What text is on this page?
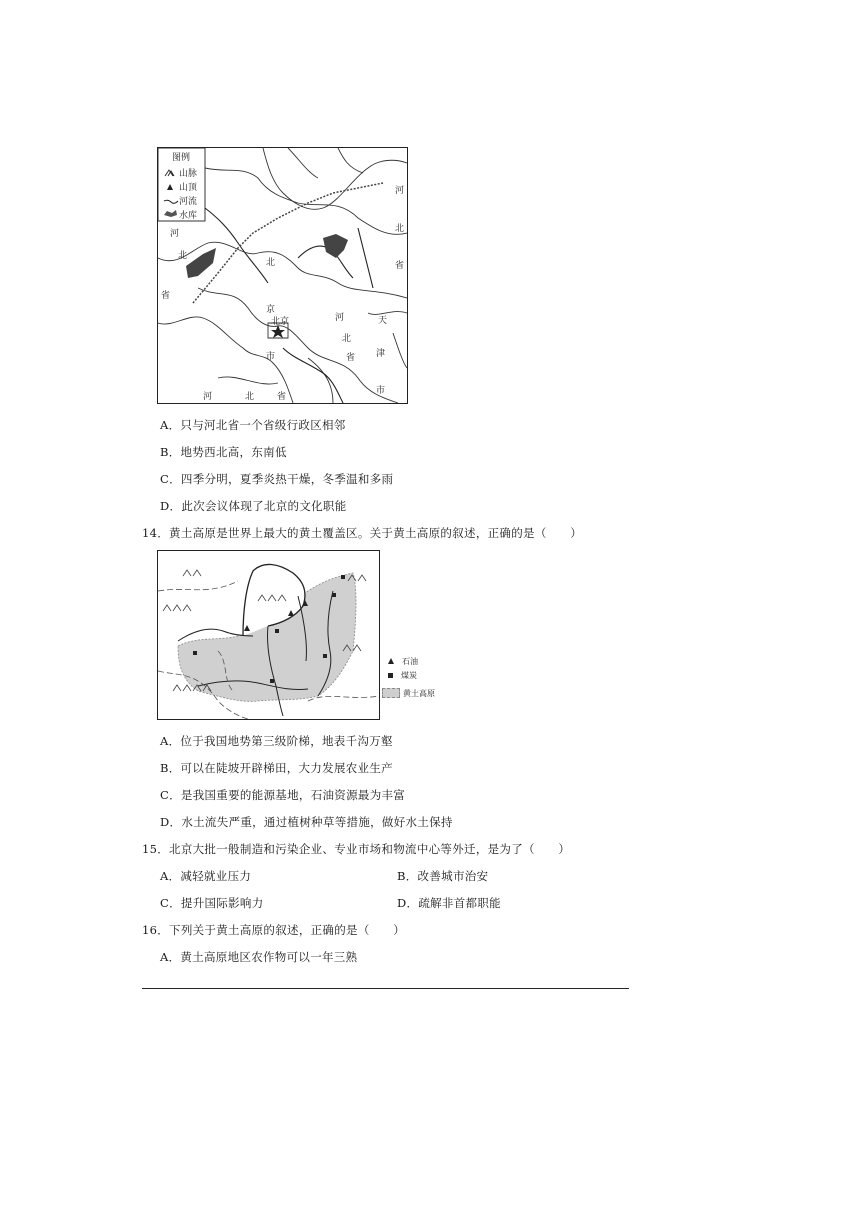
图例
山脉
山顶
河流
水库
河
北
省
北
京
北京
市
河
北
省
河
北
省
天
津
市
河	北	省
A．只与河北省一个省级行政区相邻
B．地势西北高，东南低
C．四季分明，夏季炎热干燥，冬季温和多雨
D．此次会议体现了北京的文化职能
14．黄土高原是世界上最大的黄土覆盖区。关于黄土高原的叙述，正确的是（　　）
石油
煤炭
黄土高原
A．位于我国地势第三级阶梯，地表千沟万壑
B．可以在陡坡开辟梯田，大力发展农业生产
C．是我国重要的能源基地，石油资源最为丰富
D．水土流失严重，通过植树种草等措施，做好水土保持
15．北京大批一般制造和污染企业、专业市场和物流中心等外迁，是为了（　　）
A．减轻就业压力	B．改善城市治安
C．提升国际影响力	D．疏解非首都职能
16．下列关于黄土高原的叙述，正确的是（　　）
A．黄土高原地区农作物可以一年三熟
